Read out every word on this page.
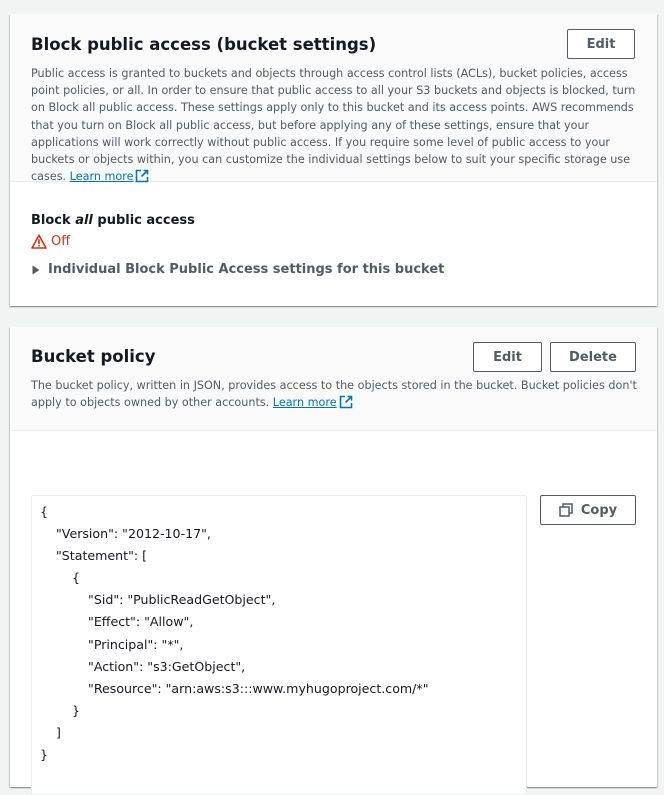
Block public access (bucket settings)	Edit

Public access is granted to buckets and objects through access control lists (ACLs), bucket policies, access point policies, or all. In order to ensure that public access to all your S3 buckets and objects is blocked, turn on Block all public access. These settings apply only to this bucket and its access points. AWS recommends that you turn on Block all public access, but before applying any of these settings, ensure that your applications will work correctly without public access. If you require some level of public access to your buckets or objects within, you can customize the individual settings below to suit your specific storage use cases. Learn more

Block all public access
Off
Individual Block Public Access settings for this bucket
Bucket policy	Edit	Delete

The bucket policy, written in JSON, provides access to the objects stored in the bucket. Bucket policies don't apply to objects owned by other accounts. Learn more

{
"Version": "2012-10-17",
"Statement": [
{
"Sid": "PublicReadGetObject",
"Effect": "Allow",
"Principal": "*",
"Action": "s3:GetObject",
"Resource": "arn:aws:s3:::www.myhugoproject.com/*"
}
]
}
Copy
